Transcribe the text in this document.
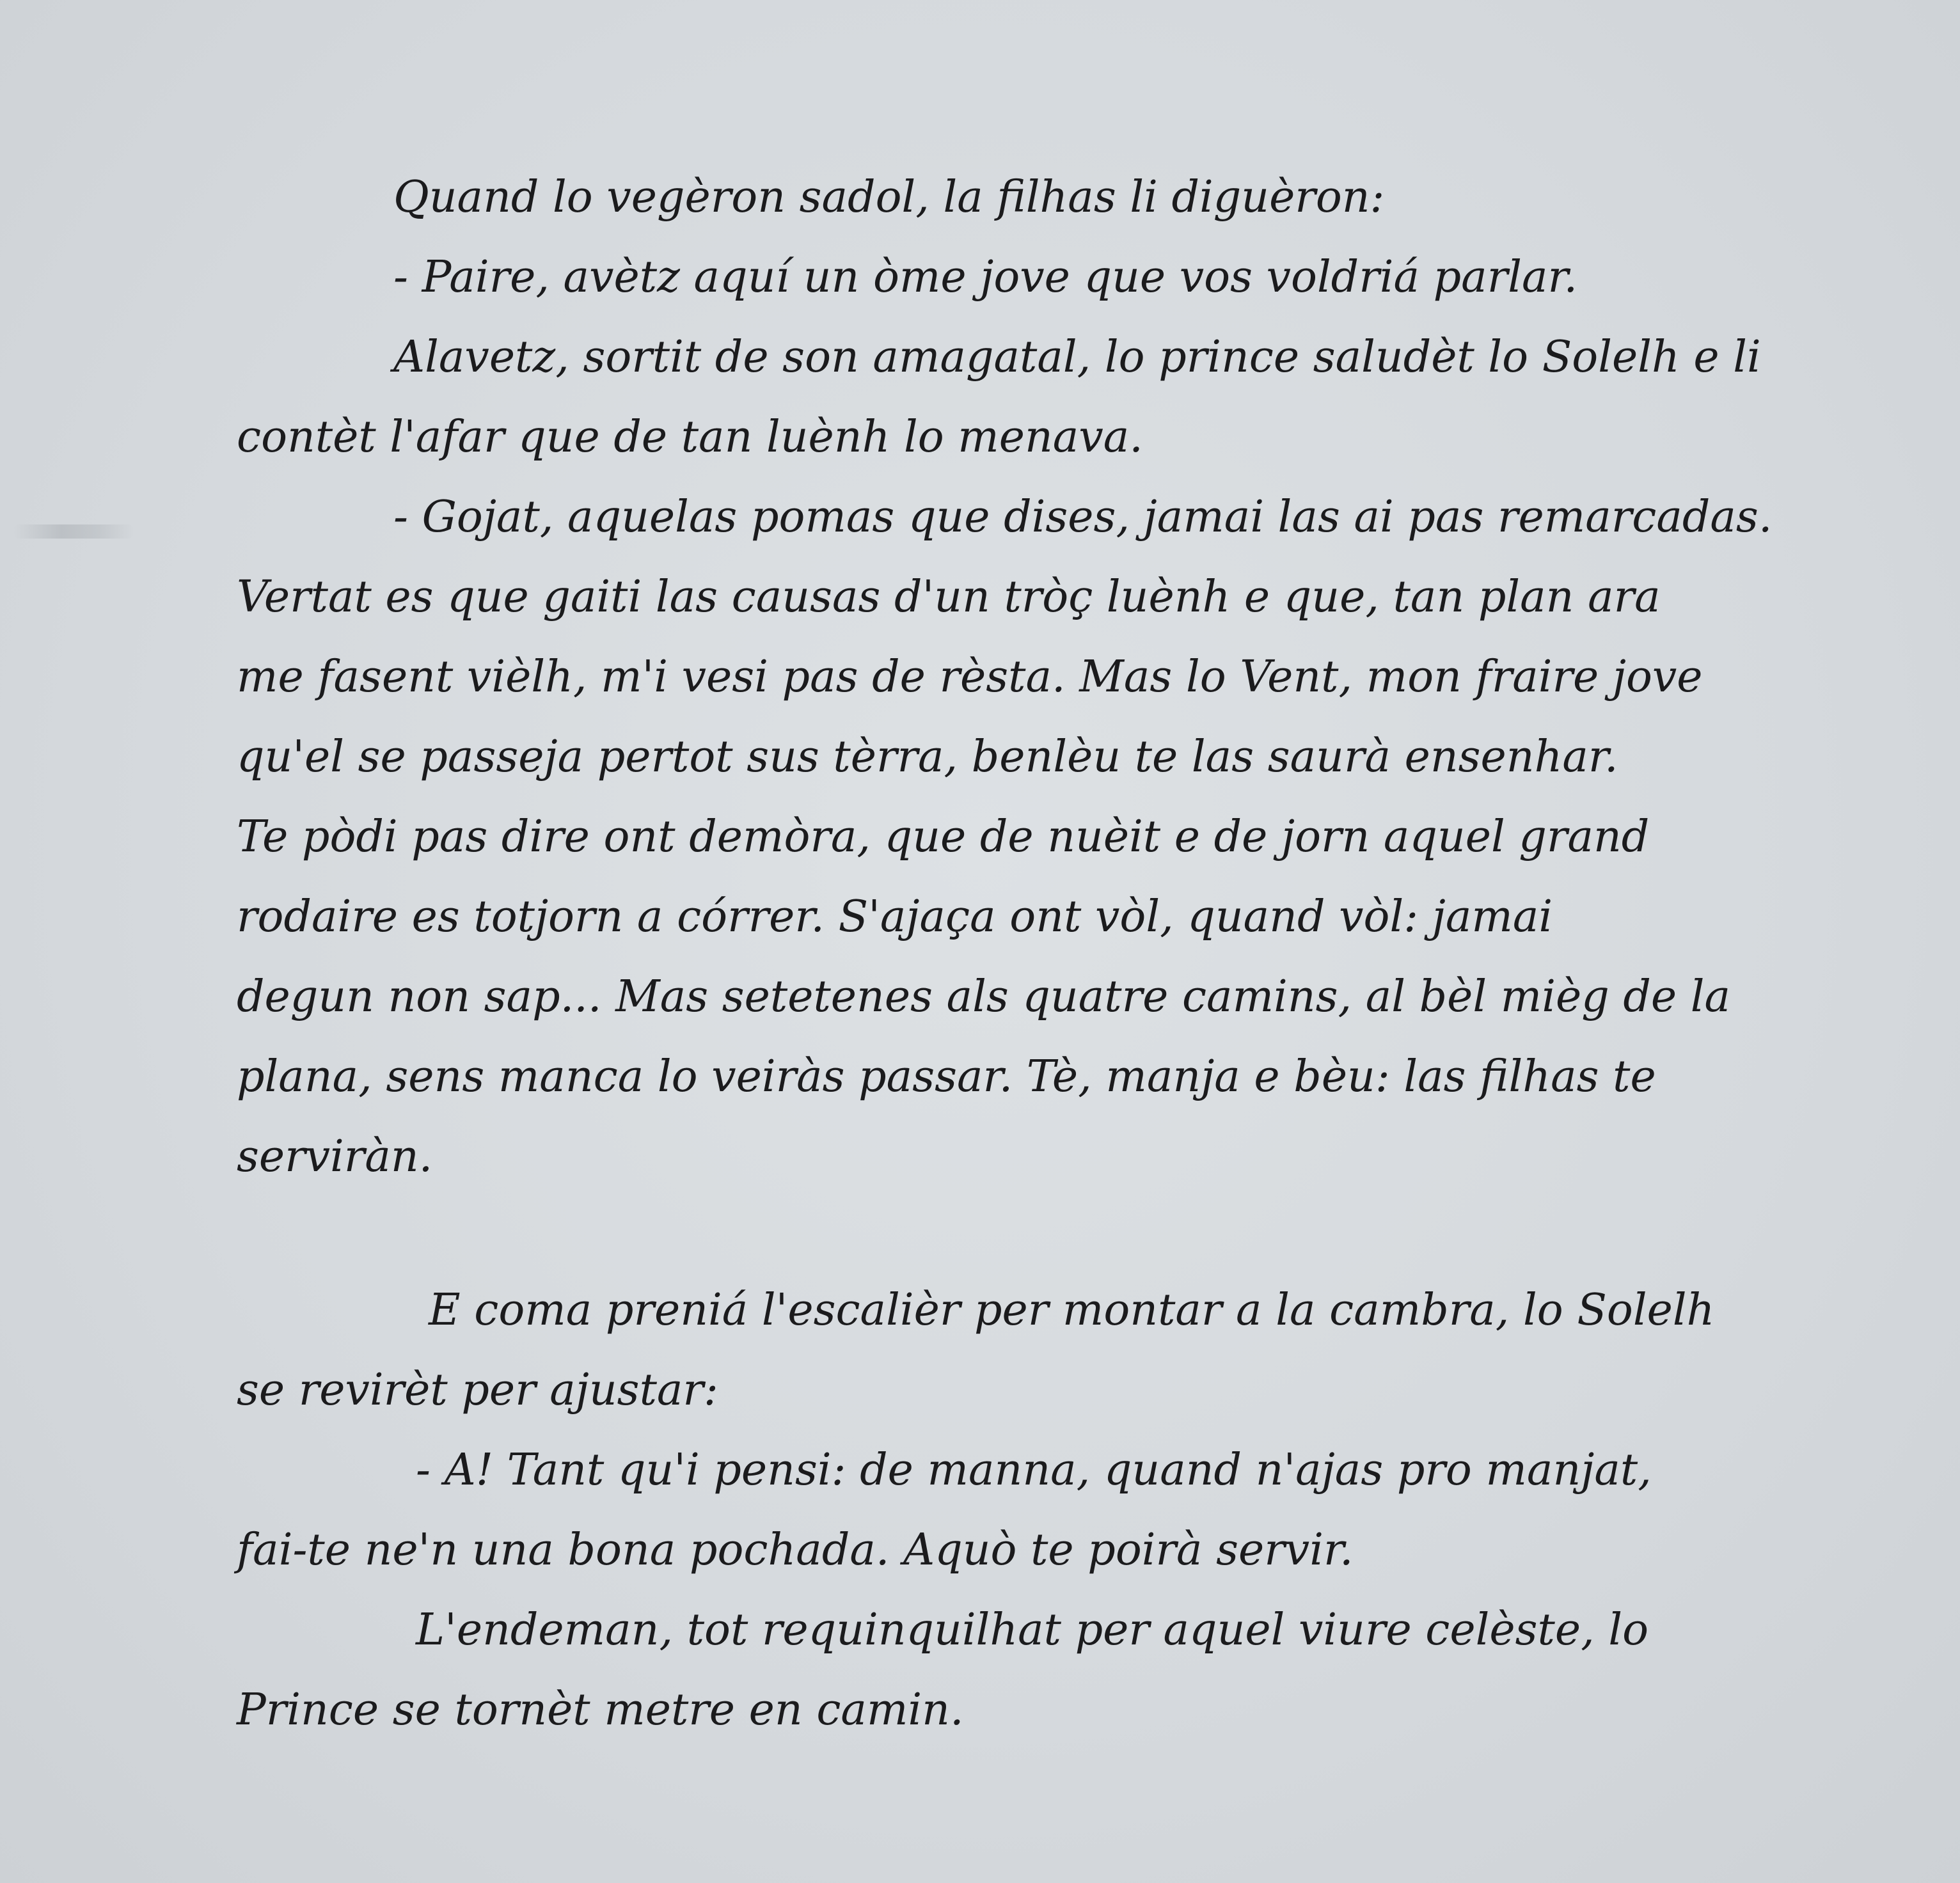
Quand lo vegèron sadol, la filhas li diguèron:
- Paire, avètz aquí un òme jove que vos voldriá parlar.
Alavetz, sortit de son amagatal, lo prince saludèt lo Solelh e li
contèt l'afar que de tan luènh lo menava.
- Gojat, aquelas pomas que dises, jamai las ai pas remarcadas.
Vertat es que gaiti las causas d'un tròç luènh e que, tan plan ara
me fasent vièlh, m'i vesi pas de rèsta. Mas lo Vent, mon fraire jove
qu'el se passeja pertot sus tèrra, benlèu te las saurà ensenhar.
Te pòdi pas dire ont demòra, que de nuèit e de jorn aquel grand
rodaire es totjorn a córrer. S'ajaça ont vòl, quand vòl: jamai
degun non sap... Mas setetenes als quatre camins, al bèl mièg de la
plana, sens manca lo veiràs passar. Tè, manja e bèu: las filhas te
serviràn.
E coma preniá l'escalièr per montar a la cambra, lo Solelh
se revirèt per ajustar:
- A! Tant qu'i pensi: de manna, quand n'ajas pro manjat,
fai-te ne'n una bona pochada. Aquò te poirà servir.
L'endeman, tot requinquilhat per aquel viure celèste, lo
Prince se tornèt metre en camin.
